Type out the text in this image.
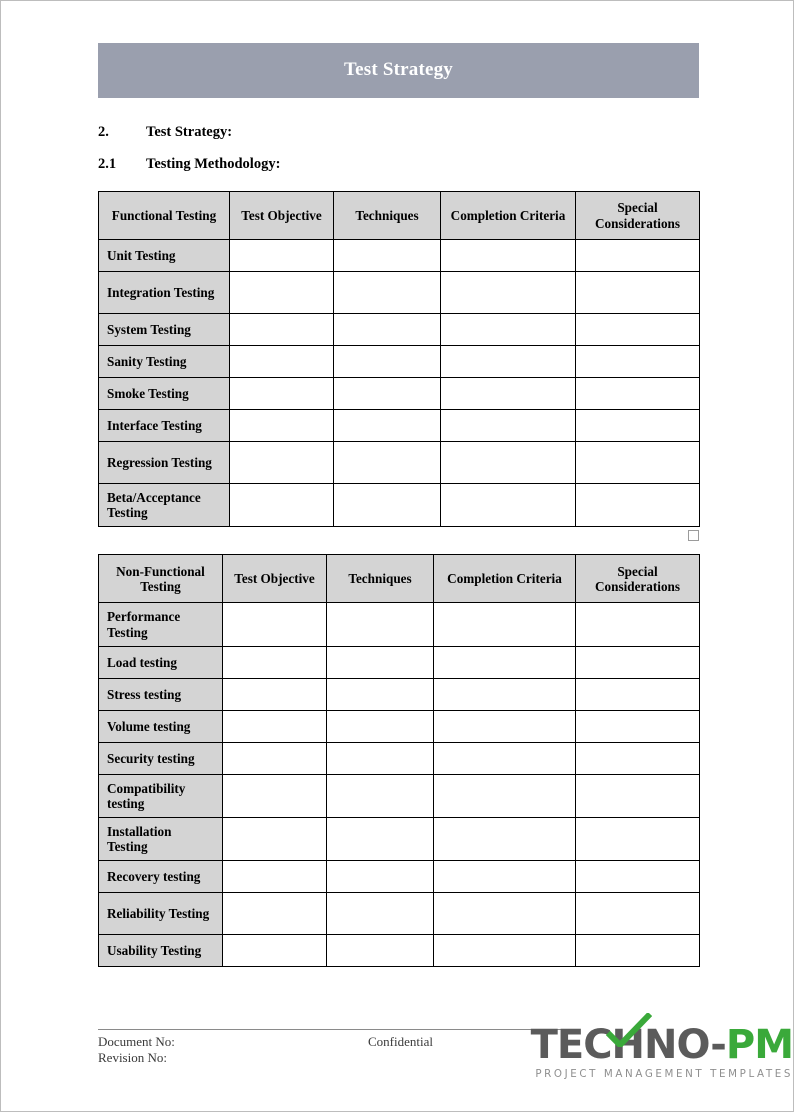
Test Strategy
2.	Test Strategy:
2.1	Testing Methodology:
Functional Testing	Test Objective	Techniques	Completion Criteria	Special Considerations
Unit Testing				
Integration Testing				
System Testing				
Sanity Testing				
Smoke Testing				
Interface Testing				
Regression Testing				
Beta/Acceptance Testing				
Non-Functional Testing	Test Objective	Techniques	Completion Criteria	Special Considerations
Performance Testing				
Load testing				
Stress testing				
Volume testing				
Security testing				
Compatibility testing				
Installation Testing				
Recovery testing				
Reliability Testing				
Usability Testing				
Document No:
Revision No:
Confidential	TECHNO-PM
PROJECT MANAGEMENT TEMPLATES
